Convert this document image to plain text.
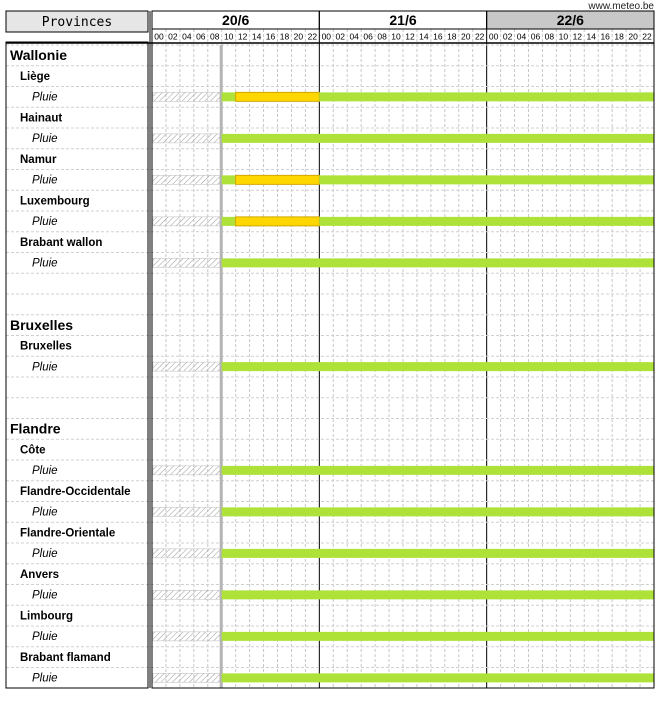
www.meteo.be
Provinces	20/6
00 02 04 06 08 10 12 14 16 18 20 22
21/6
00 02 04 06 08 10 12 14 16 18 20 22
22/6
00 02 04 06 08 10 12 14 16 18 20 22
Wallonie
Liège
Pluie
Hainaut
Pluie
Namur
Pluie
Luxembourg
Pluie
Brabant wallon
Pluie
Bruxelles
Bruxelles
Pluie
Flandre
Côte
Pluie
Flandre-Occidentale
Pluie
Flandre-Orientale
Pluie
Anvers
Pluie
Limbourg
Pluie
Brabant flamand
Pluie
